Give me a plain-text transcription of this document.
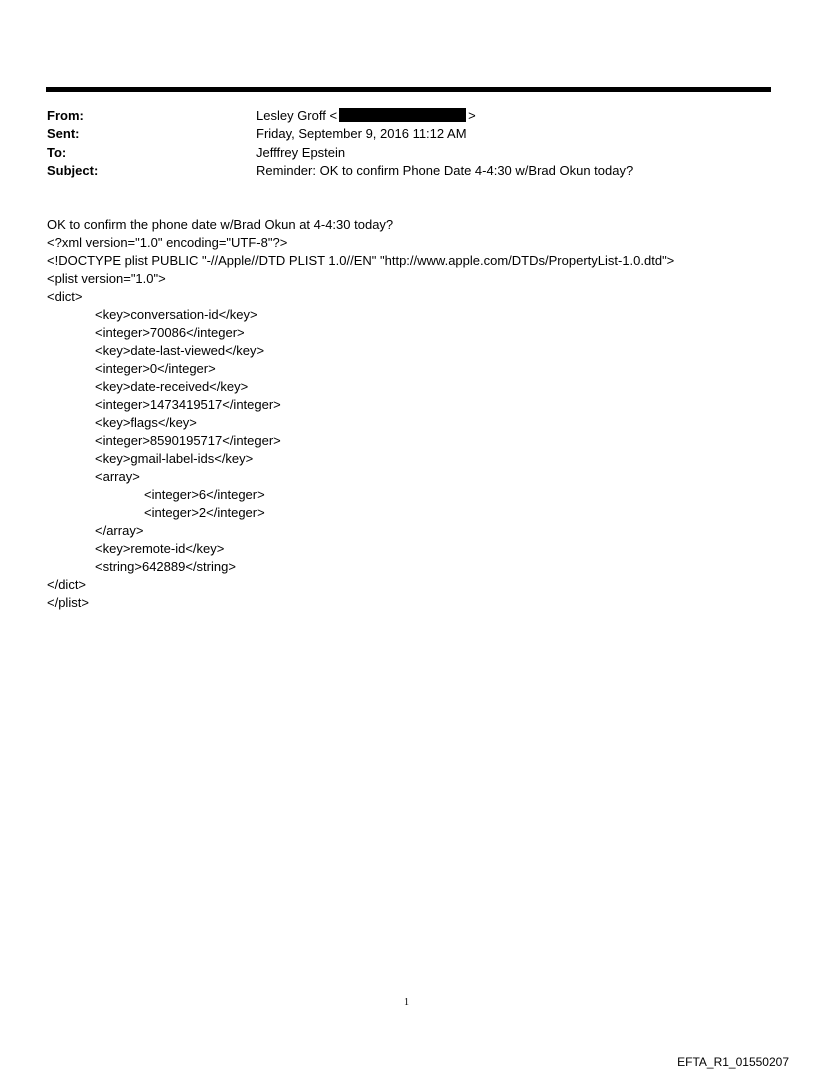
From:	Lesley Groff <	>
Sent:	Friday, September 9, 2016 11:12 AM
To:	Jefffrey Epstein
Subject:	Reminder: OK to confirm Phone Date 4-4:30 w/Brad Okun today?
OK to confirm the phone date w/Brad Okun at 4-4:30 today?
<?xml version="1.0" encoding="UTF-8"?>
<!DOCTYPE plist PUBLIC "-//Apple//DTD PLIST 1.0//EN" "http://www.apple.com/DTDs/PropertyList-1.0.dtd">
<plist version="1.0">
<dict>
<key>conversation-id</key>
<integer>70086</integer>
<key>date-last-viewed</key>
<integer>0</integer>
<key>date-received</key>
<integer>1473419517</integer>
<key>flags</key>
<integer>8590195717</integer>
<key>gmail-label-ids</key>
<array>
<integer>6</integer>
<integer>2</integer>
</array>
<key>remote-id</key>
<string>642889</string>
</dict>
</plist>
1
EFTA_R1_01550207
